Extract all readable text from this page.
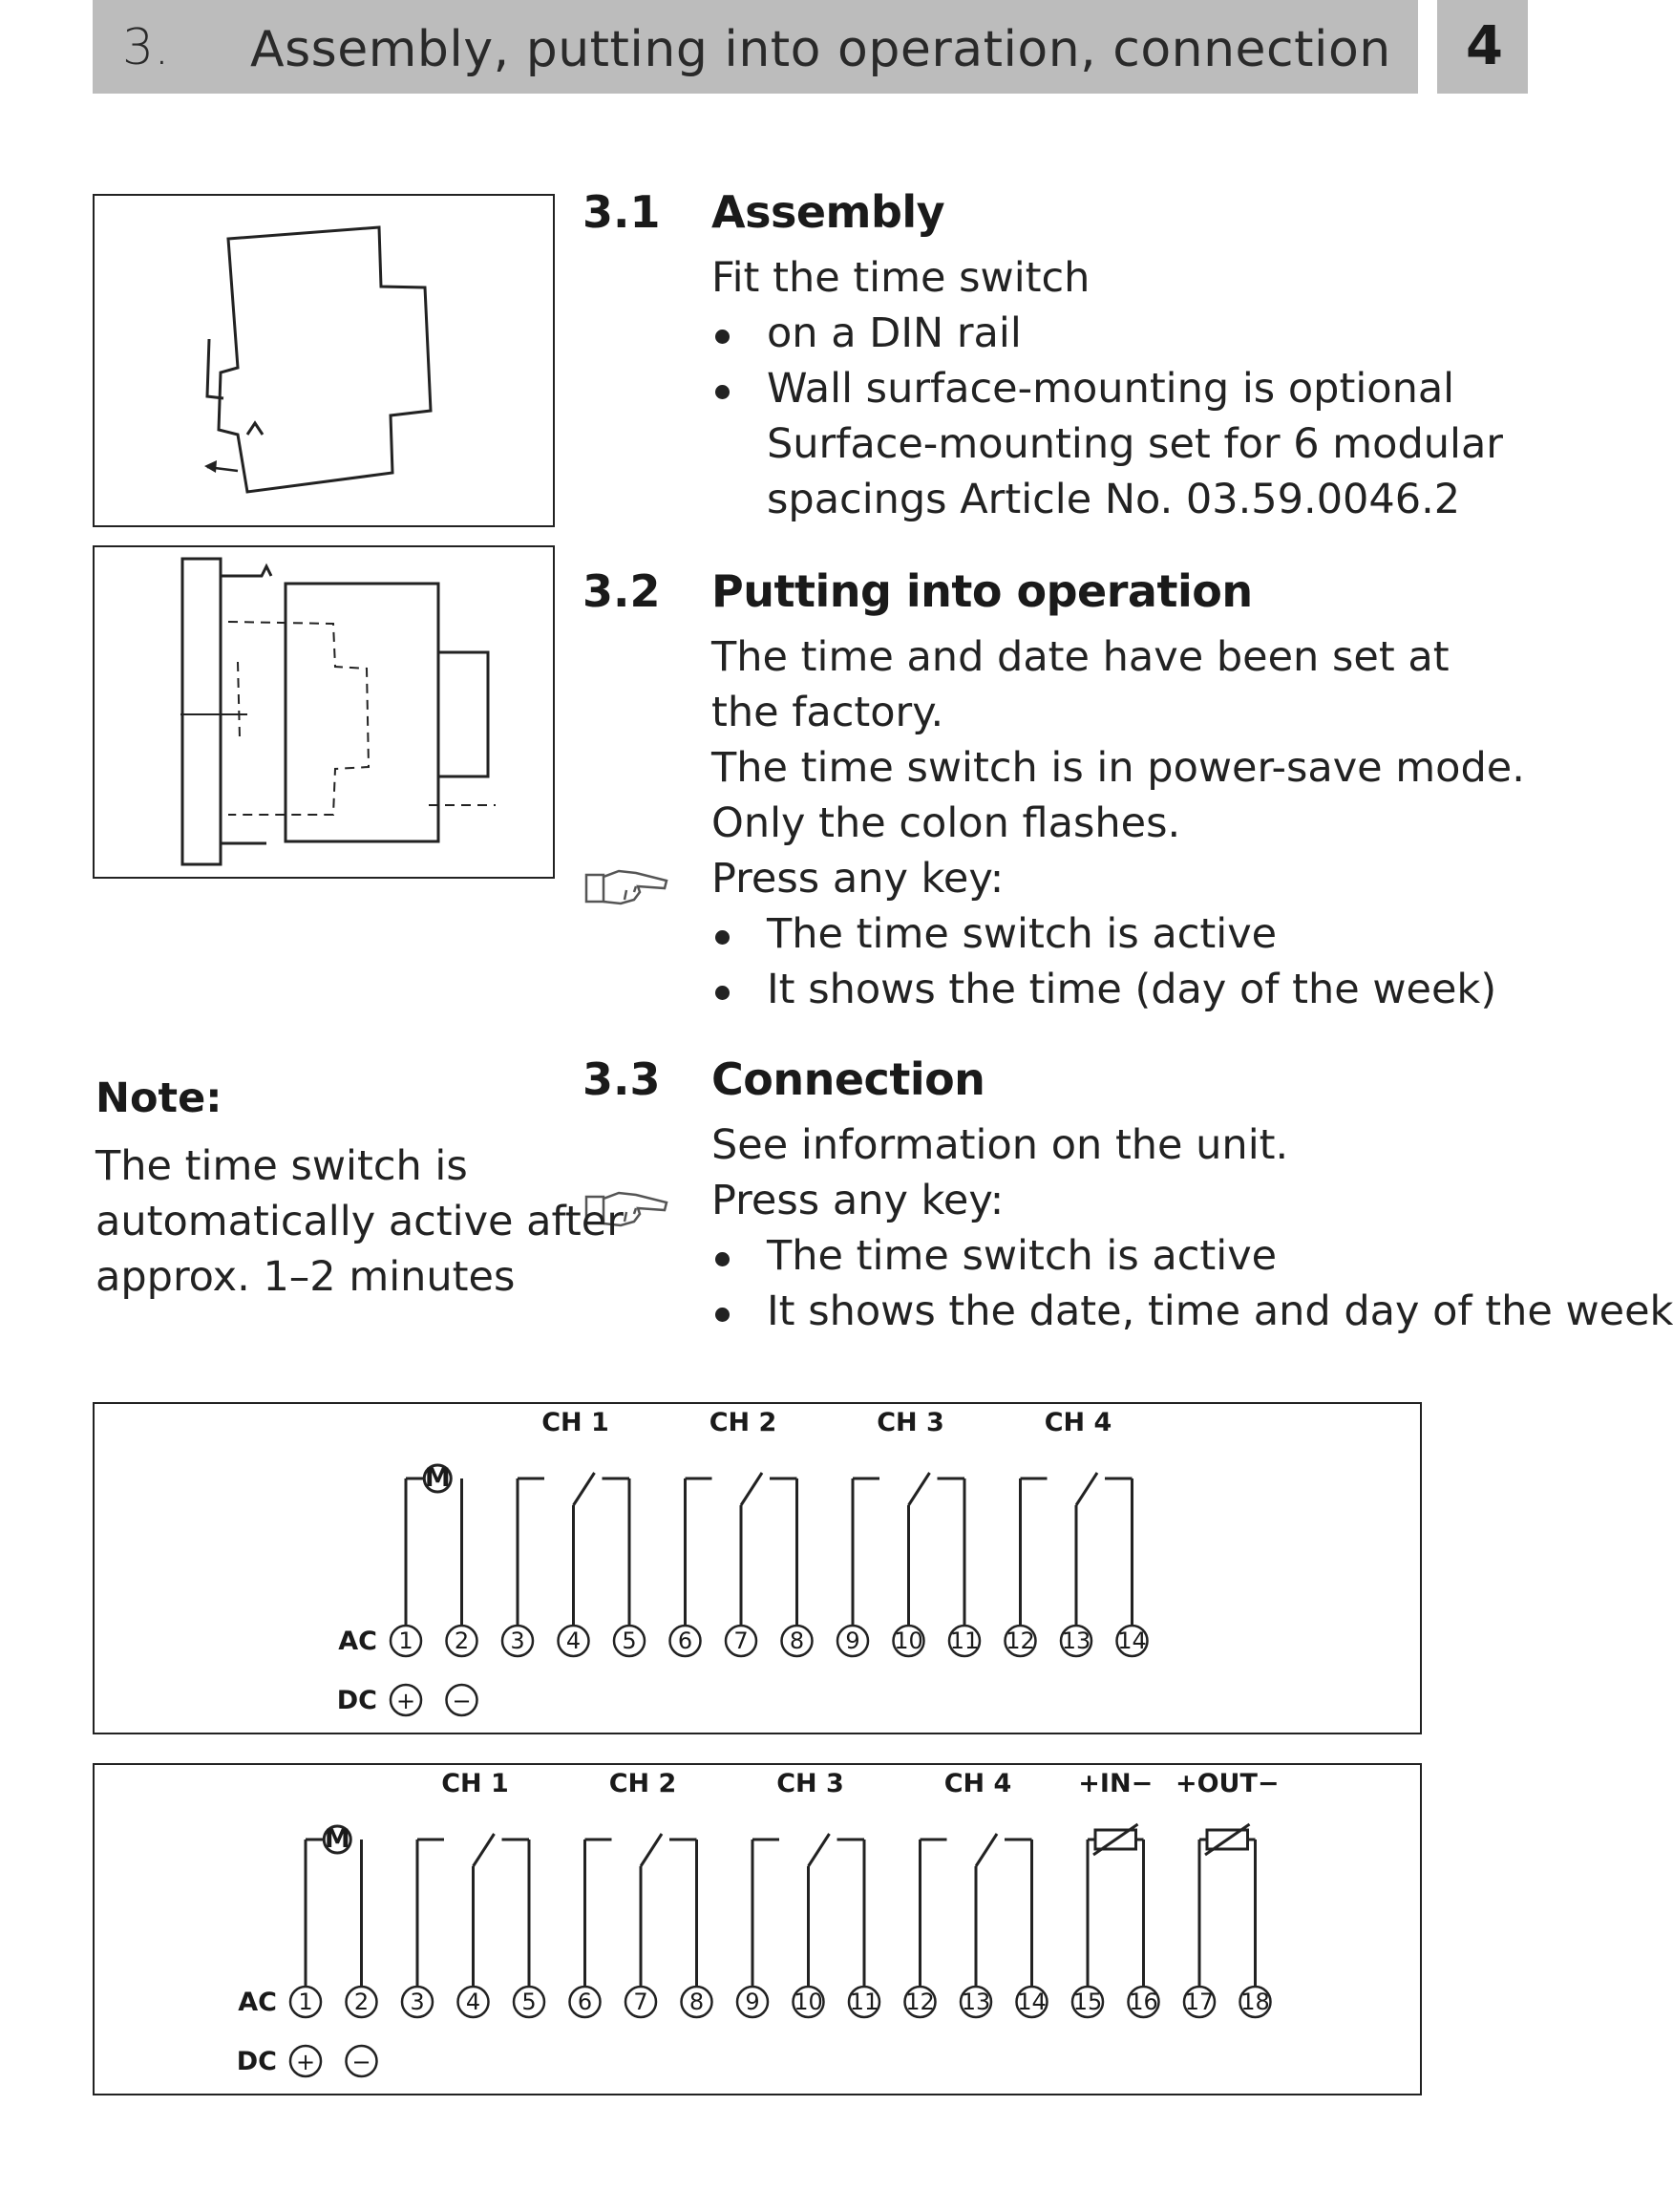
3. Assembly, putting into operation, connection 4
3.1 Assembly
Fit the time switch
on a DIN rail
Wall surface-mounting is optional
Surface-mounting set for 6 modular
spacings Article No. 03.59.0046.2
3.2 Putting into operation
The time and date have been set at
the factory.
The time switch is in power-save mode.
Only the colon flashes.
Press any key:
The time switch is active
It shows the time (day of the week)
3.3 Connection
See information on the unit.
Press any key:
The time switch is active
It shows the date, time and day of the week
Note:
The time switch is
automatically active after
approx. 1–2 minutes
AC
DC
M
CH 1	CH 2	CH 3	CH 4
1 2 3 4 5 6 7 8 9 10 11 12 13 14
+ −
AC
DC
M
CH 1	CH 2	CH 3	CH 4	+IN− +OUT−
1 2 3 4 5 6 7 8 9 10 11 12 13 14 15 16 17 18
+ −
